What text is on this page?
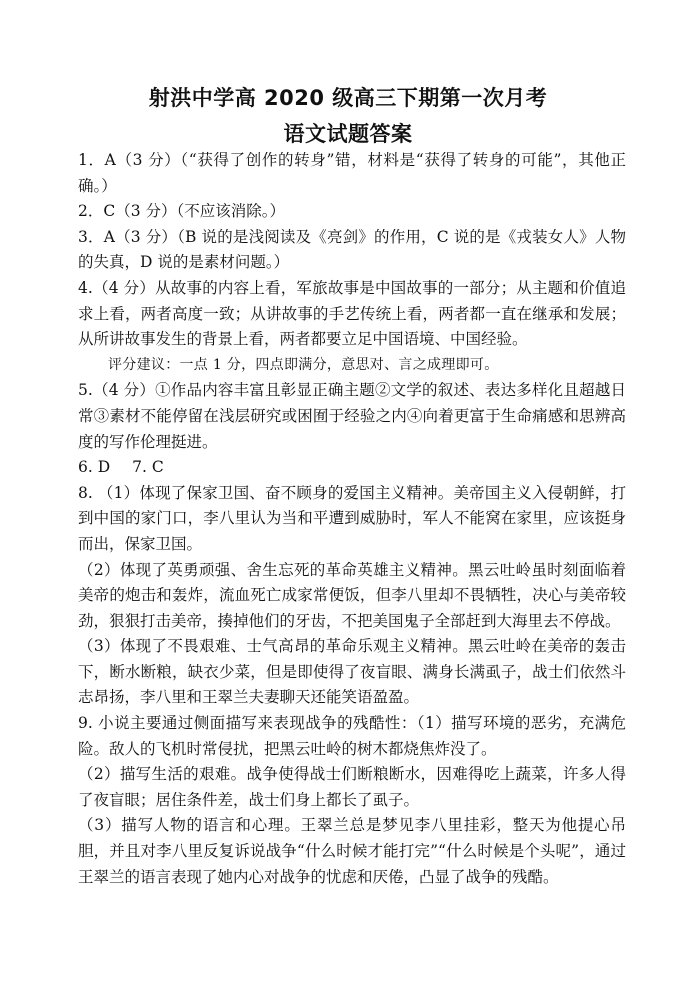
射洪中学高 2020 级高三下期第一次月考
语文试题答案

1．A（3 分）（“获得了创作的转身”错，材料是“获得了转身的可能”，其他正确。）

2．C（3 分）（不应该消除。）

3．A（3 分）（B 说的是浅阅读及《亮剑》的作用，C 说的是《戎装女人》人物的失真，D 说的是素材问题。）

4.（4 分）从故事的内容上看，军旅故事是中国故事的一部分；从主题和价值追求上看，两者高度一致；从讲故事的手艺传统上看，两者都一直在继承和发展；从所讲故事发生的背景上看，两者都要立足中国语境、中国经验。

评分建议：一点 1 分，四点即满分，意思对、言之成理即可。

5.（4 分）①作品内容丰富且彰显正确主题②文学的叙述、表达多样化且超越日常③素材不能停留在浅层研究或困囿于经验之内④向着更富于生命痛感和思辨高度的写作伦理挺进。

6. D 7. C

8. （1）体现了保家卫国、奋不顾身的爱国主义精神。美帝国主义入侵朝鲜，打到中国的家门口，李八里认为当和平遭到威胁时，军人不能窝在家里，应该挺身而出，保家卫国。

（2）体现了英勇顽强、舍生忘死的革命英雄主义精神。黑云吐岭虽时刻面临着美帝的炮击和轰炸，流血死亡成家常便饭，但李八里却不畏牺牲，决心与美帝较劲，狠狠打击美帝，揍掉他们的牙齿，不把美国鬼子全部赶到大海里去不停战。

（3）体现了不畏艰难、士气高昂的革命乐观主义精神。黑云吐岭在美帝的轰击下，断水断粮，缺衣少菜，但是即使得了夜盲眼、满身长满虱子，战士们依然斗志昂扬，李八里和王翠兰夫妻聊天还能笑语盈盈。

9. 小说主要通过侧面描写来表现战争的残酷性：（1）描写环境的恶劣，充满危险。敌人的飞机时常侵扰，把黑云吐岭的树木都烧焦炸没了。

（2）描写生活的艰难。战争使得战士们断粮断水，因难得吃上蔬菜，许多人得了夜盲眼；居住条件差，战士们身上都长了虱子。

（3）描写人物的语言和心理。王翠兰总是梦见李八里挂彩，整天为他提心吊胆，并且对李八里反复诉说战争“什么时候才能打完”“什么时候是个头呢”，通过王翠兰的语言表现了她内心对战争的忧虑和厌倦，凸显了战争的残酷。
